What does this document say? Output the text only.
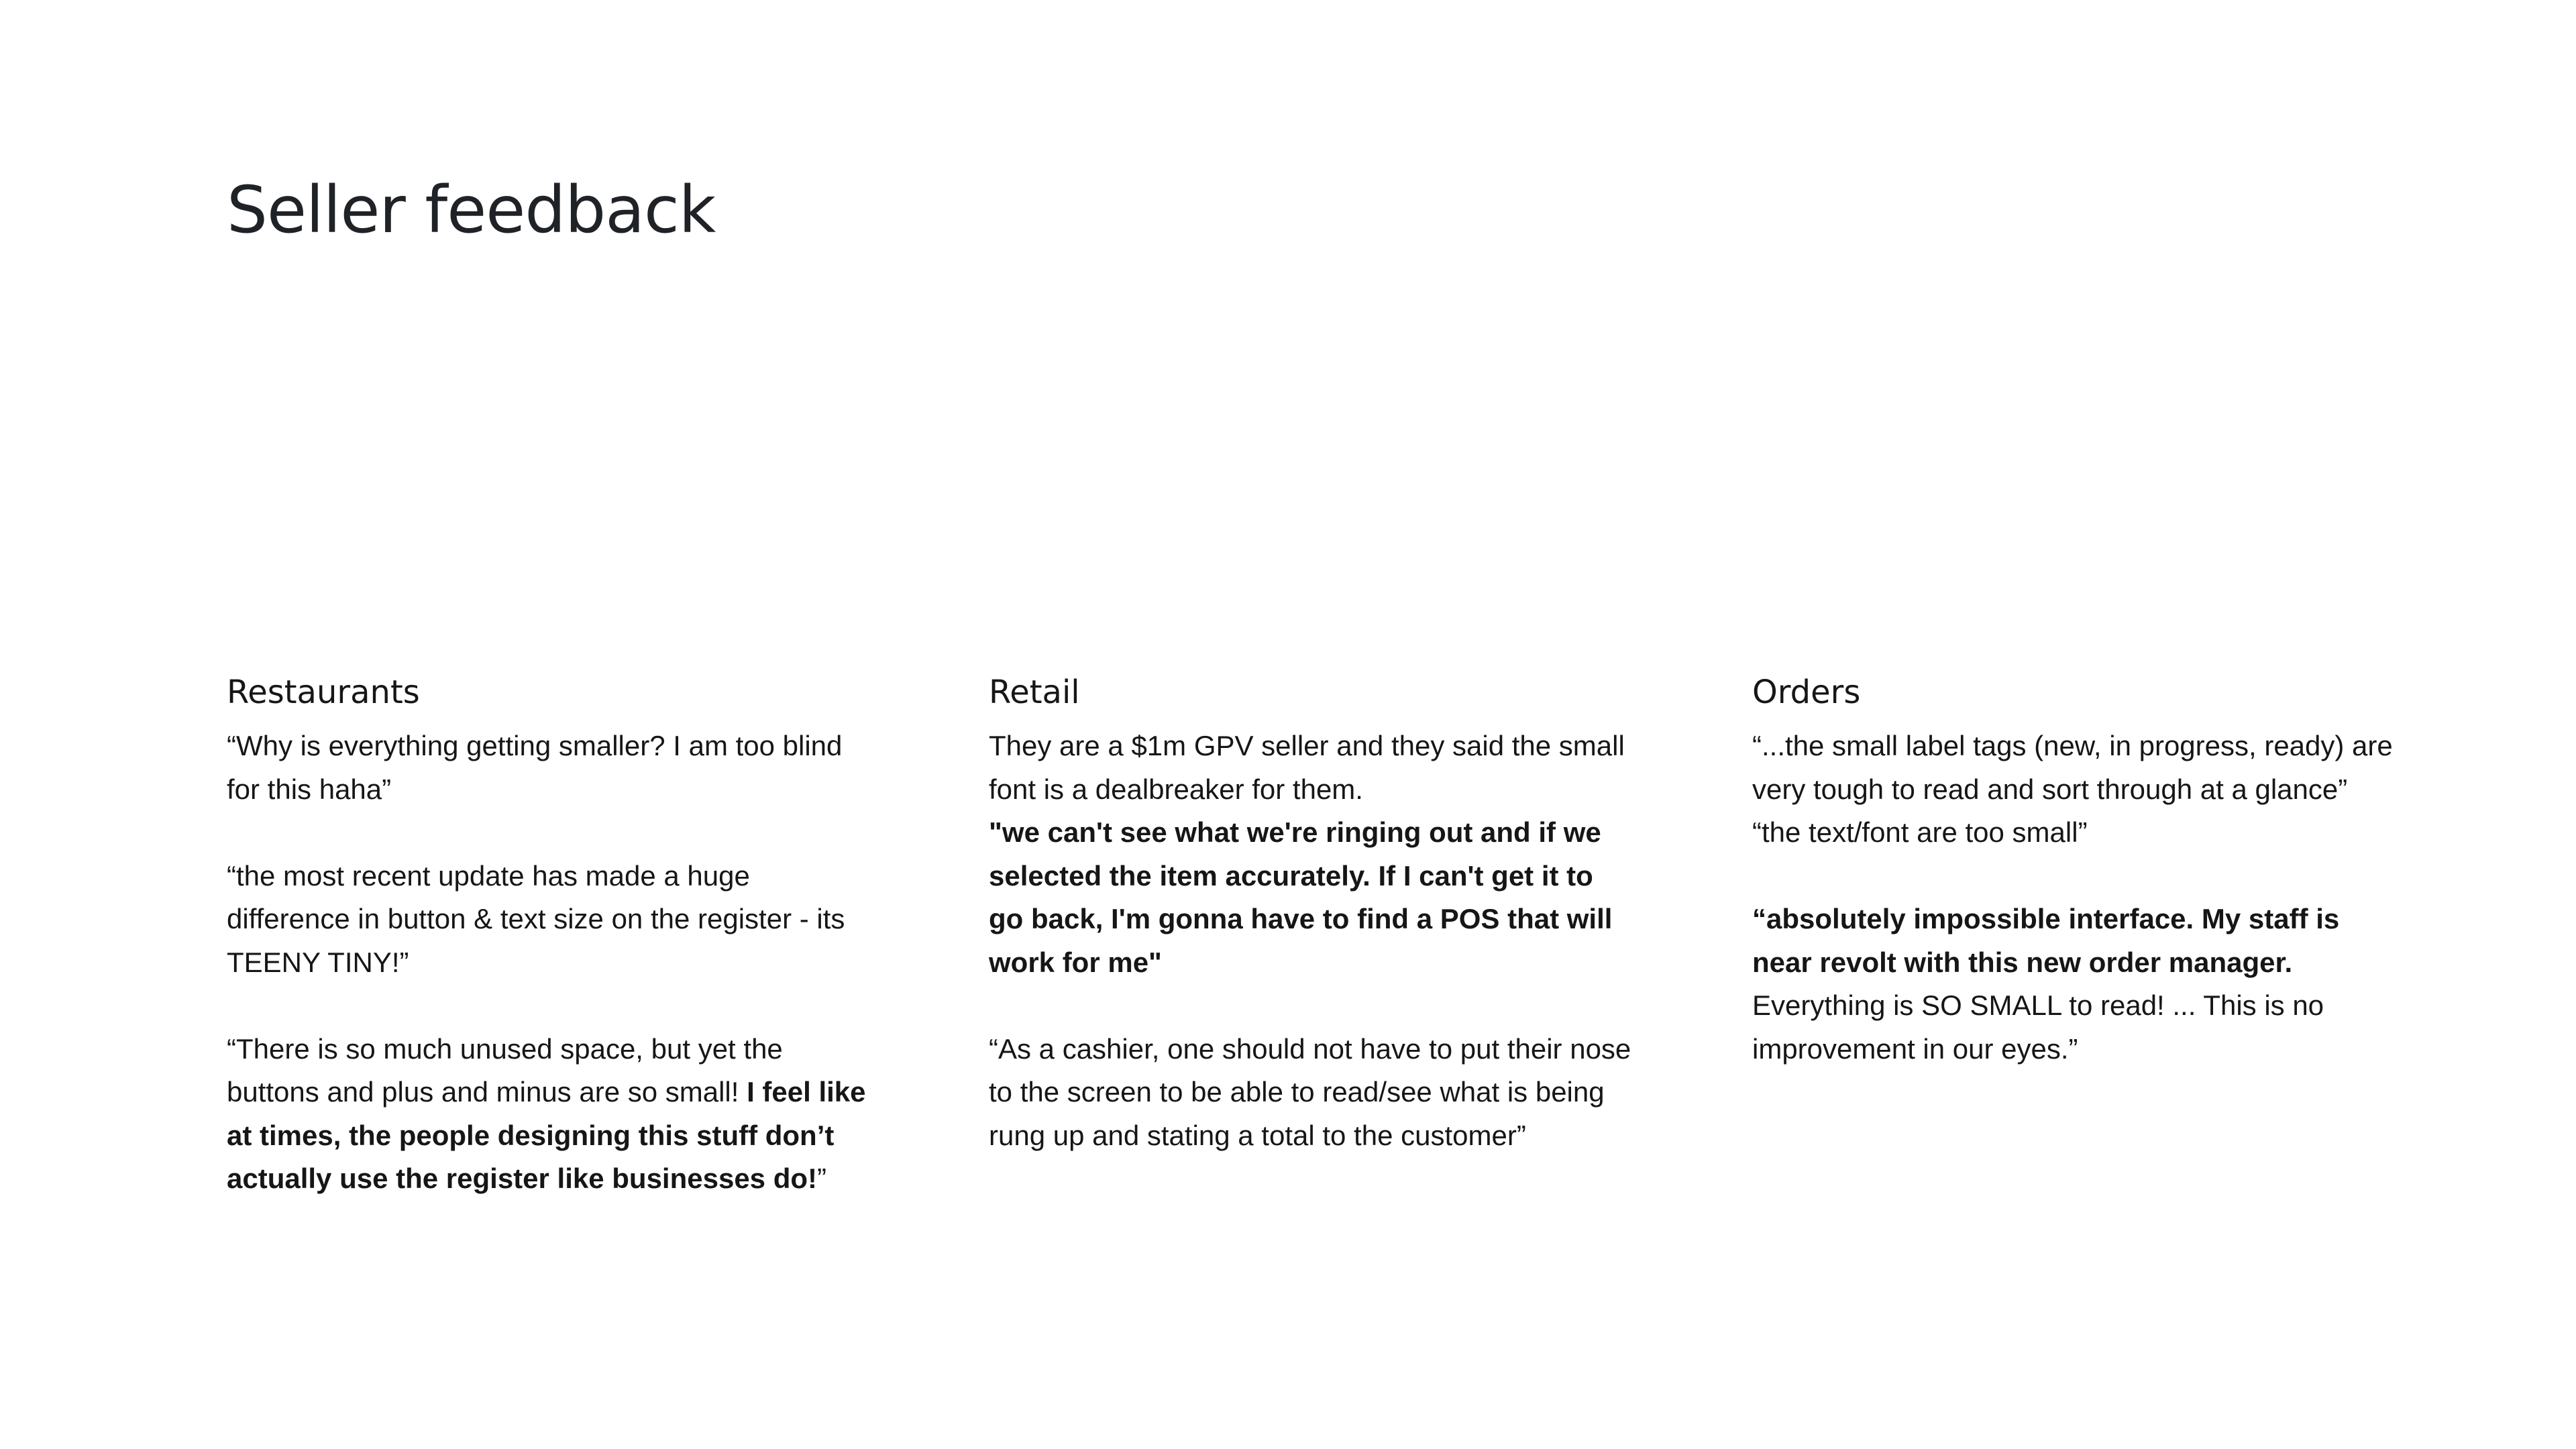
Seller feedback
Restaurants

“Why is everything getting smaller? I am too blind for this haha”

“the most recent update has made a huge difference in button & text size on the register - its TEENY TINY!”

“There is so much unused space, but yet the buttons and plus and minus are so small! I feel like at times, the people designing this stuff don’t actually use the register like businesses do!”

Retail

They are a $1m GPV seller and they said the small font is a dealbreaker for them.

"we can't see what we're ringing out and if we selected the item accurately. If I can't get it to go back, I'm gonna have to find a POS that will work for me"

“As a cashier, one should not have to put their nose to the screen to be able to read/see what is being rung up and stating a total to the customer”

Orders

“...the small label tags (new, in progress, ready) are very tough to read and sort through at a glance”

“the text/font are too small”

“absolutely impossible interface. My staff is near revolt with this new order manager. Everything is SO SMALL to read! ... This is no improvement in our eyes.”
